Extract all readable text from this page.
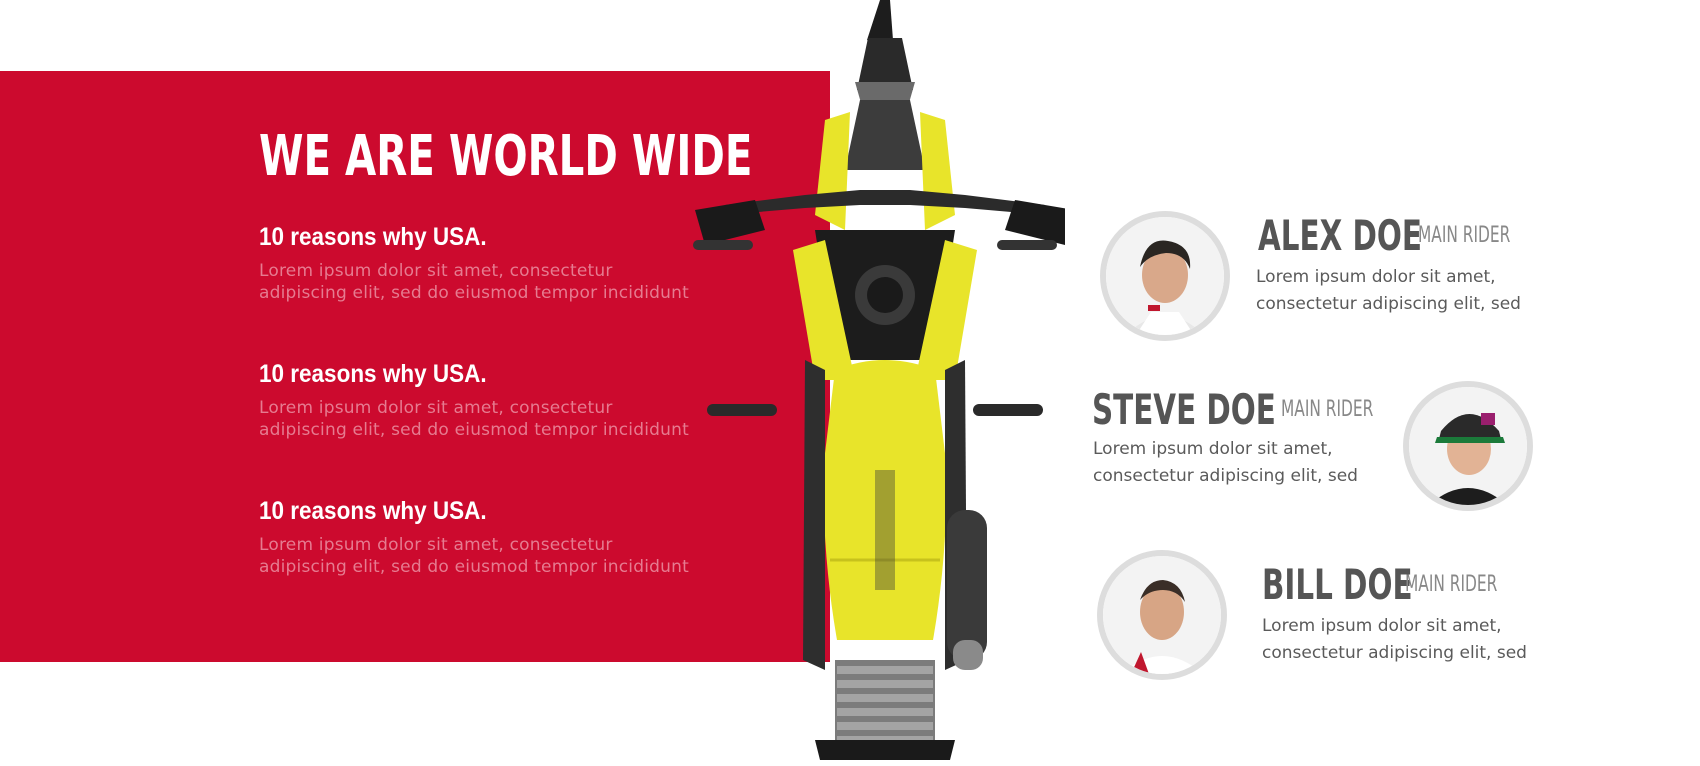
WE ARE WORLD WIDE
10 reasons why USA.
Lorem ipsum dolor sit amet, consectetur
adipiscing elit, sed do eiusmod tempor incididunt
10 reasons why USA.
Lorem ipsum dolor sit amet, consectetur
adipiscing elit, sed do eiusmod tempor incididunt
10 reasons why USA.
Lorem ipsum dolor sit amet, consectetur
adipiscing elit, sed do eiusmod tempor incididunt
ALEX DOE
MAIN RIDER
Lorem ipsum dolor sit amet,
consectetur adipiscing elit, sed
STEVE DOE MAIN RIDER
Lorem ipsum dolor sit amet,
consectetur adipiscing elit, sed
BILL DOE
MAIN RIDER
Lorem ipsum dolor sit amet,
consectetur adipiscing elit, sed
